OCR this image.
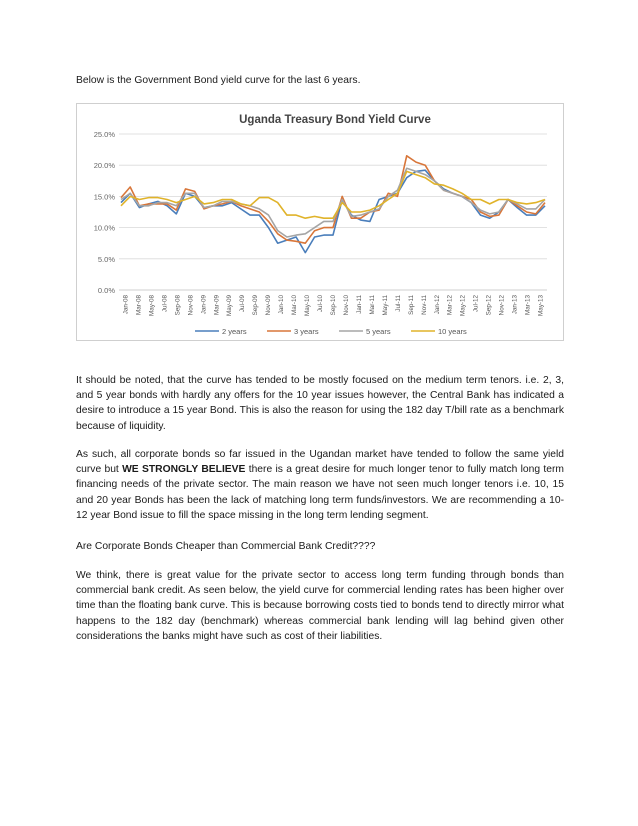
Below is the Government Bond yield curve for the last 6 years.

Uganda Treasury Bond Yield Curve
0.0%
5.0%
10.0%
15.0%
20.0%
25.0%
Jan-08 Mar-08 May-08 Jul-08 Sep-08 Nov-08 Jan-09 Mar-09 May-09 Jul-09 Sep-09 Nov-09 Jan-10 Mar-10 May-10 Jul-10 Sep-10 Nov-10 Jan-11 Mar-11 May-11 Jul-11 Sep-11 Nov-11 Jan-12 Mar-12 May-12 Jul-12 Sep-12 Nov-12 Jan-13 Mar-13 May-13
2 years	3 years	5 years	10 years

It should be noted, that the curve has tended to be mostly focused on the medium term tenors. i.e. 2, 3, and 5 year bonds with hardly any offers for the 10 year issues however, the Central Bank has indicated a desire to introduce a 15 year Bond. This is also the reason for using the 182 day T/bill rate as a benchmark because of liquidity.

As such, all corporate bonds so far issued in the Ugandan market have tended to follow the same yield curve but WE STRONGLY BELIEVE there is a great desire for much longer tenor to fully match long term financing needs of the private sector. The main reason we have not seen much longer tenors i.e. 10, 15 and 20 year Bonds has been the lack of matching long term funds/investors. We are recommending a 10-12 year Bond issue to fill the space missing in the long term lending segment.

Are Corporate Bonds Cheaper than Commercial Bank Credit????

We think, there is great value for the private sector to access long term funding through bonds than commercial bank credit. As seen below, the yield curve for commercial lending rates has been higher over time than the floating bank curve. This is because borrowing costs tied to bonds tend to directly mirror what happens to the 182 day (benchmark) whereas commercial bank lending will lag behind given other considerations the banks might have such as cost of their liabilities.
